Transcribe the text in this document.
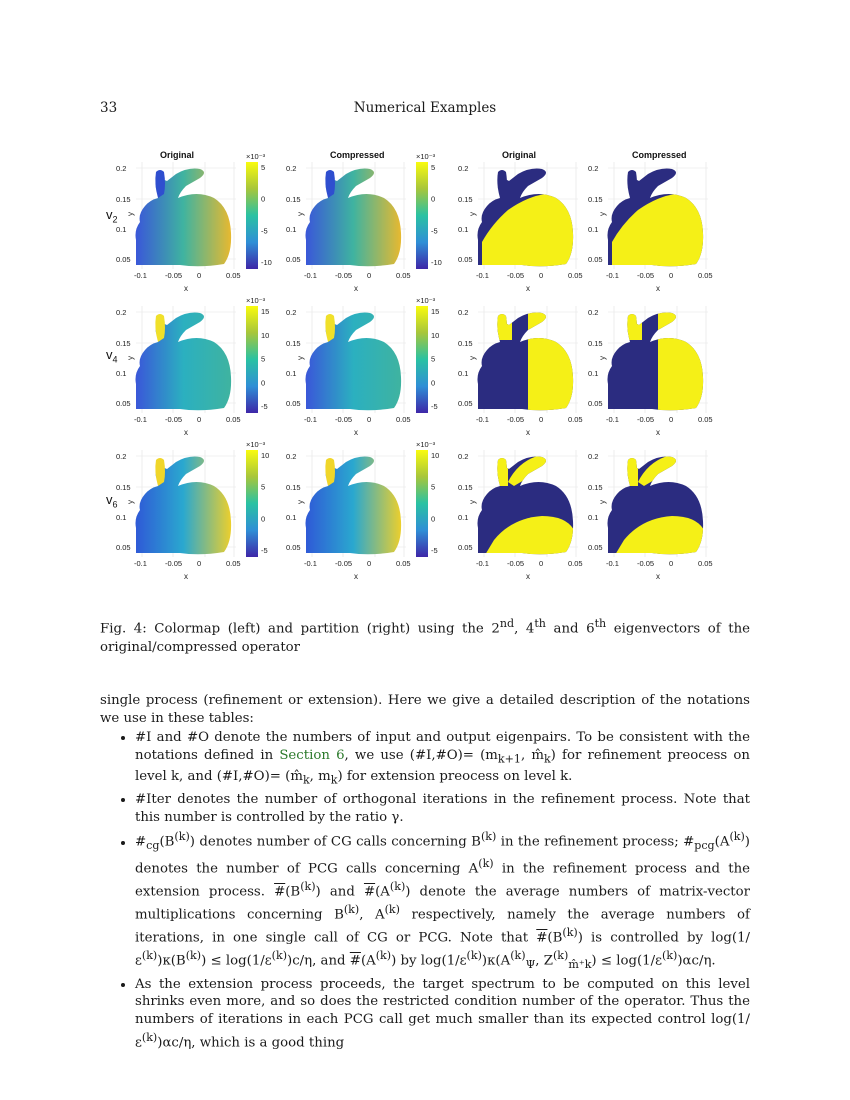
33	Numerical Examples
$v_2$
$v_4$
$v_6$
Original
0.2
0.15
0.1
0.05
y
-0.1 -0.05 0	0.05
x
×10⁻³
5
0
-5
-10
Compressed
0.2
0.15
0.1
0.05
y
-0.1 -0.05 0	0.05
x
×10⁻³
5
0
-5
-10
Original
0.2
0.15
0.1
0.05
y
-0.1 -0.05 0	0.05
x
Compressed
0.2
0.15
0.1
0.05
y
-0.1 -0.05 0	0.05
x
0.2
0.15
0.1
0.05
y
-0.1 -0.05 0	0.05
x
×10⁻³
15
10
5
0
-5
0.2
0.15
0.1
0.05
y
-0.1 -0.05 0	0.05
x
×10⁻³
15
10
5
0
-5
0.2
0.15
0.1
0.05
y
-0.1 -0.05 0	0.05
x
0.2
0.15
0.1
0.05
y
-0.1 -0.05 0	0.05
x
0.2
0.15
0.1
0.05
y
-0.1 -0.05 0	0.05
x
×10⁻³
10
5
0
-5
0.2
0.15
0.1
0.05
y
-0.1 -0.05 0	0.05
x
×10⁻³
10
5
0
-5
0.2
0.15
0.1
0.05
y
-0.1 -0.05 0	0.05
x
0.2
0.15
0.1
0.05
y
-0.1 -0.05 0	0.05
x
Fig. 4: Colormap (left) and partition (right) using the 2nd, 4th and 6th eigenvectors of the original/compressed operator

single process (refinement or extension). Here we give a detailed description of the notations we use in these tables:

• #I and #O denote the numbers of input and output eigenpairs. To be consistent with the notations defined in Section 6, we use (#I,#O)= ($m_{k+1}$, $m̂_k$) for refinement preocess on level k, and (#I,#O)= ($m̂_k$, $m_k$) for extension preocess on level k.
• #Iter denotes the number of orthogonal iterations in the refinement process. Note that this number is controlled by the ratio γ.
• $\#_{cg}(B^{(k)})$ denotes number of CG calls concerning $B^{(k)}$ in the refinement process; $\#_{pcg}(A^{(k)})$ denotes the number of PCG calls concerning $A^{(k)}$ in the refinement process and the extension process. $\#(B^{(k)})$ and $\#(A^{(k)})$ denote the average numbers of matrix-vector multiplications concerning $B^{(k)}$, $A^{(k)}$ respectively, namely the average numbers of iterations, in one single call of CG or PCG. Note that $\#(B^{(k)})$ is controlled by $\log(1/\varepsilon^{(k)})\kappa(B^{(k)}) \le \log(1/\varepsilon^{(k)})c/\eta$, and $\#(A^{(k)})$ by $\log(1/\varepsilon^{(k)})\kappa(A^{(k)}_\Psi$, $Z^{(k)}_{m̂^+k}) \le \log(1/\varepsilon^{(k)})\alpha c/\eta$.
• As the extension process proceeds, the target spectrum to be computed on this level shrinks even more, and so does the restricted condition number of the operator. Thus the numbers of iterations in each PCG call get much smaller than its expected control $\log(1/\varepsilon^{(k)})\alpha c/\eta$, which is a good thing
